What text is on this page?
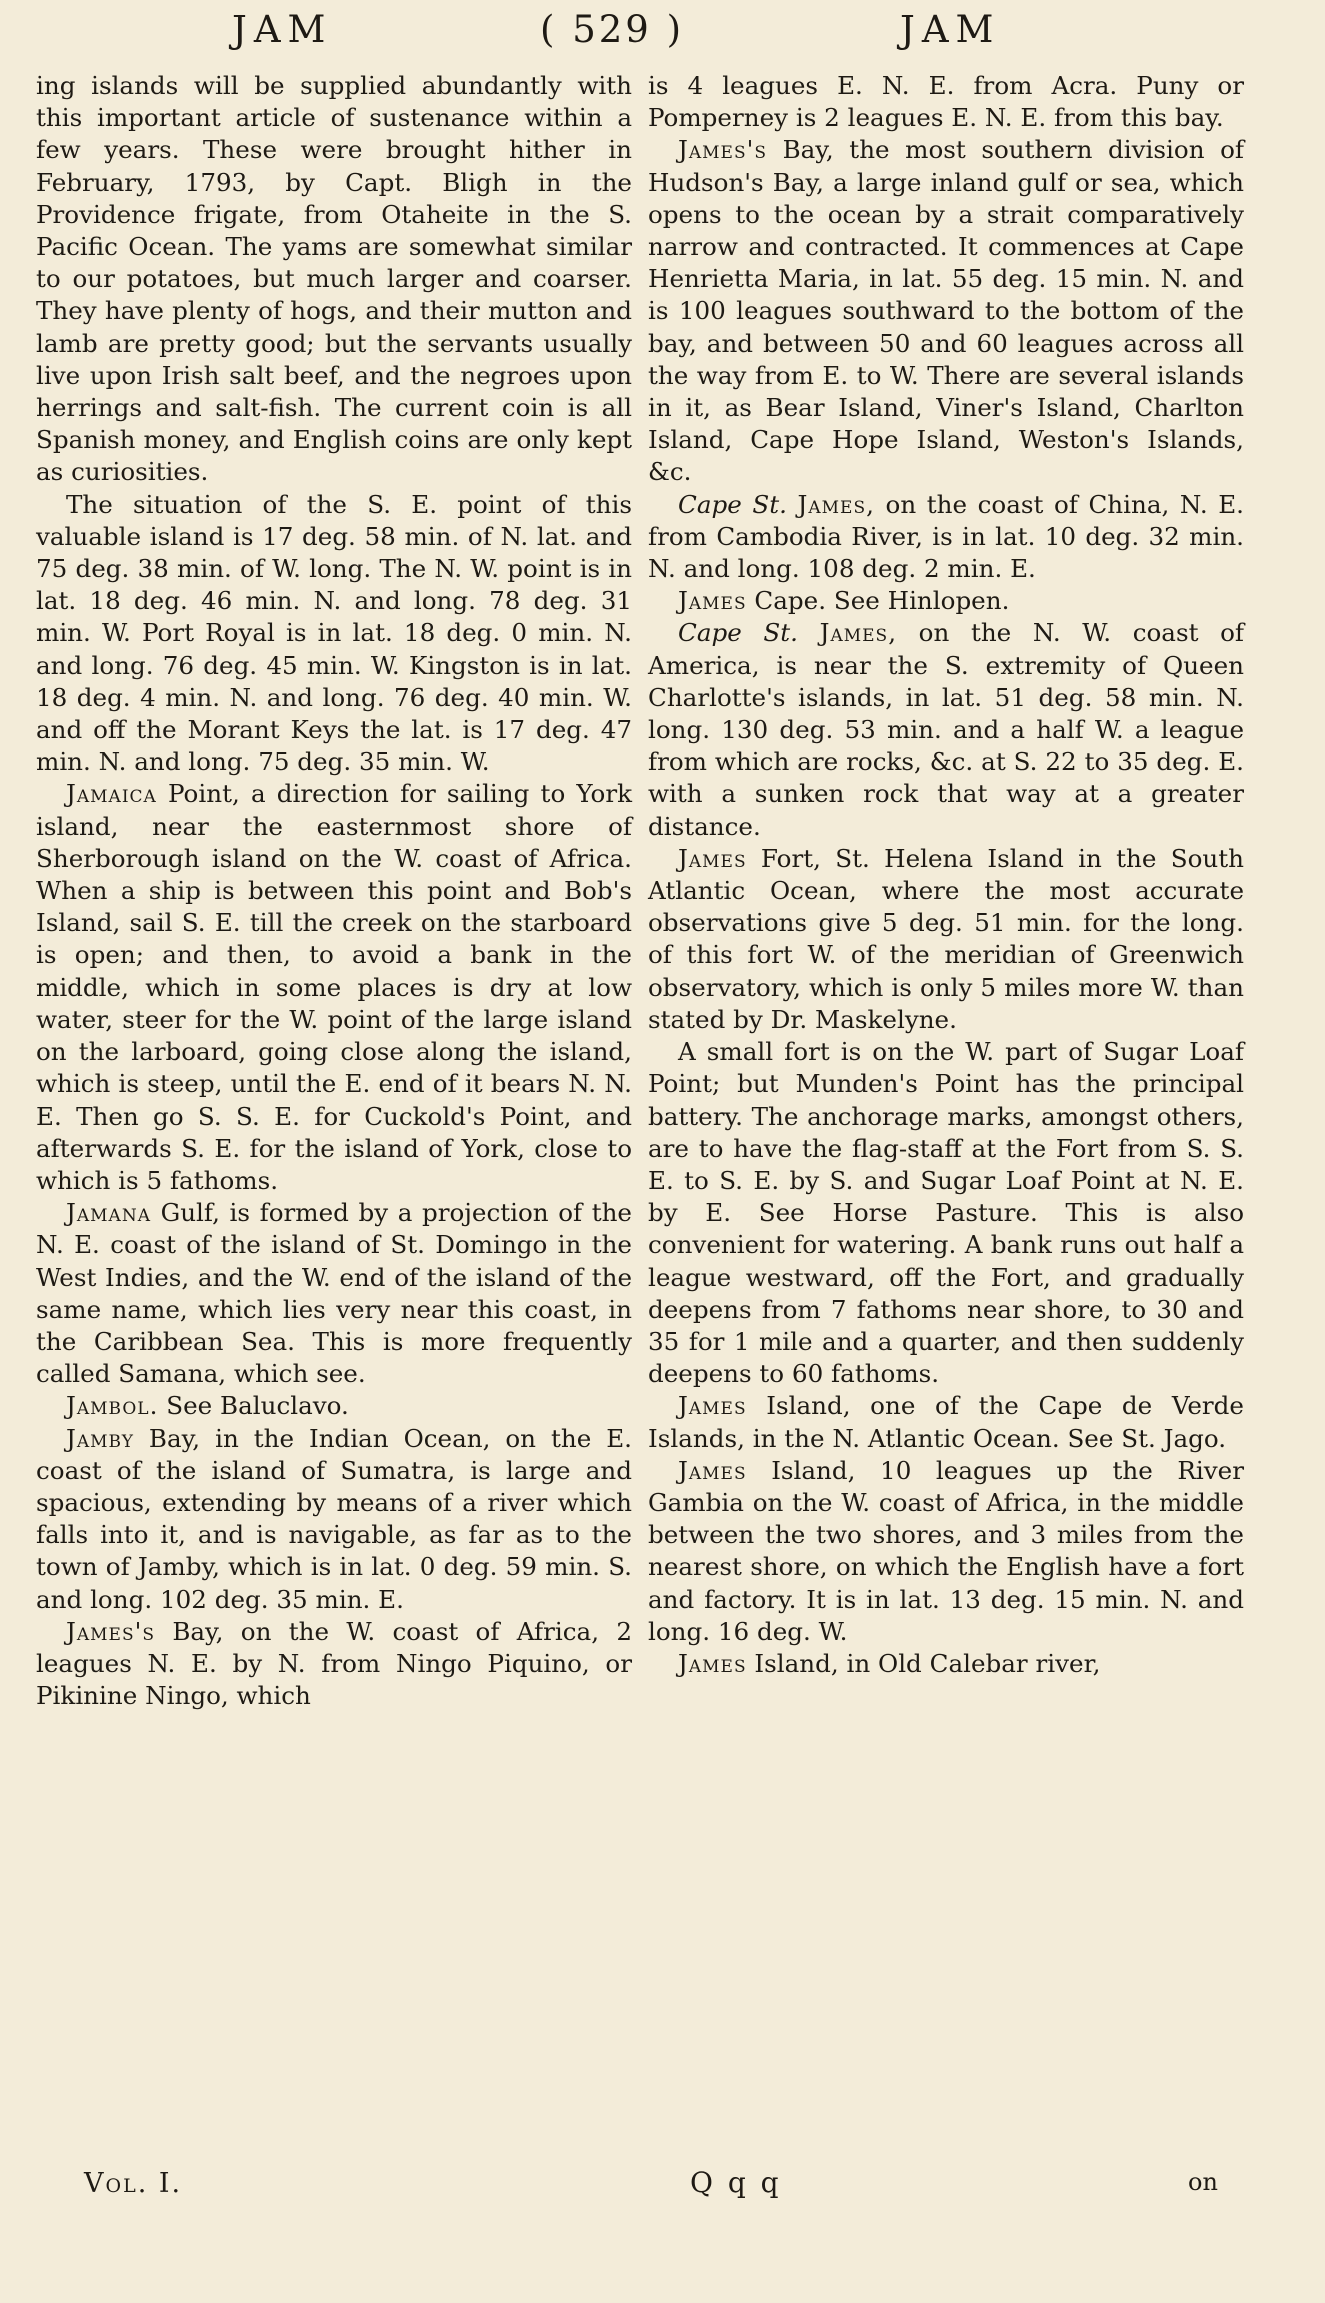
JAM	( 529 )	JAM

ing islands will be supplied abundantly with this important article of sustenance within a few years. These were brought hither in February, 1793, by Capt. Bligh in the Providence frigate, from Otaheite in the S. Pacific Ocean. The yams are somewhat similar to our potatoes, but much larger and coarser. They have plenty of hogs, and their mutton and lamb are pretty good; but the servants usually live upon Irish salt beef, and the negroes upon herrings and salt-fish. The current coin is all Spanish money, and English coins are only kept as curiosities.

The situation of the S. E. point of this valuable island is 17 deg. 58 min. of N. lat. and 75 deg. 38 min. of W. long. The N. W. point is in lat. 18 deg. 46 min. N. and long. 78 deg. 31 min. W. Port Royal is in lat. 18 deg. 0 min. N. and long. 76 deg. 45 min. W. Kingston is in lat. 18 deg. 4 min. N. and long. 76 deg. 40 min. W. and off the Morant Keys the lat. is 17 deg. 47 min. N. and long. 75 deg. 35 min. W.

Jamaica Point, a direction for sailing to York island, near the easternmost shore of Sherborough island on the W. coast of Africa. When a ship is between this point and Bob's Island, sail S. E. till the creek on the starboard is open; and then, to avoid a bank in the middle, which in some places is dry at low water, steer for the W. point of the large island on the larboard, going close along the island, which is steep, until the E. end of it bears N. N. E. Then go S. S. E. for Cuckold's Point, and afterwards S. E. for the island of York, close to which is 5 fathoms.

Jamana Gulf, is formed by a projection of the N. E. coast of the island of St. Domingo in the West Indies, and the W. end of the island of the same name, which lies very near this coast, in the Caribbean Sea. This is more frequently called Samana, which see.

Jambol. See Baluclavo.

Jamby Bay, in the Indian Ocean, on the E. coast of the island of Sumatra, is large and spacious, extending by means of a river which falls into it, and is navigable, as far as to the town of Jamby, which is in lat. 0 deg. 59 min. S. and long. 102 deg. 35 min. E.

James's Bay, on the W. coast of Africa, 2 leagues N. E. by N. from Ningo Piquino, or Pikinine Ningo, which

is 4 leagues E. N. E. from Acra. Puny or Pomperney is 2 leagues E. N. E. from this bay.

James's Bay, the most southern division of Hudson's Bay, a large inland gulf or sea, which opens to the ocean by a strait comparatively narrow and contracted. It commences at Cape Henrietta Maria, in lat. 55 deg. 15 min. N. and is 100 leagues southward to the bottom of the bay, and between 50 and 60 leagues across all the way from E. to W. There are several islands in it, as Bear Island, Viner's Island, Charlton Island, Cape Hope Island, Weston's Islands, &c.

Cape St. James, on the coast of China, N. E. from Cambodia River, is in lat. 10 deg. 32 min. N. and long. 108 deg. 2 min. E.

James Cape. See Hinlopen.

Cape St. James, on the N. W. coast of America, is near the S. extremity of Queen Charlotte's islands, in lat. 51 deg. 58 min. N. long. 130 deg. 53 min. and a half W. a league from which are rocks, &c. at S. 22 to 35 deg. E. with a sunken rock that way at a greater distance.

James Fort, St. Helena Island in the South Atlantic Ocean, where the most accurate observations give 5 deg. 51 min. for the long. of this fort W. of the meridian of Greenwich observatory, which is only 5 miles more W. than stated by Dr. Maskelyne.

A small fort is on the W. part of Sugar Loaf Point; but Munden's Point has the principal battery. The anchorage marks, amongst others, are to have the flag-staff at the Fort from S. S. E. to S. E. by S. and Sugar Loaf Point at N. E. by E. See Horse Pasture. This is also convenient for watering. A bank runs out half a league westward, off the Fort, and gradually deepens from 7 fathoms near shore, to 30 and 35 for 1 mile and a quarter, and then suddenly deepens to 60 fathoms.

James Island, one of the Cape de Verde Islands, in the N. Atlantic Ocean. See St. Jago.

James Island, 10 leagues up the River Gambia on the W. coast of Africa, in the middle between the two shores, and 3 miles from the nearest shore, on which the English have a fort and factory. It is in lat. 13 deg. 15 min. N. and long. 16 deg. W.

James Island, in Old Calebar river,

Vol. I.	Q q q	on
